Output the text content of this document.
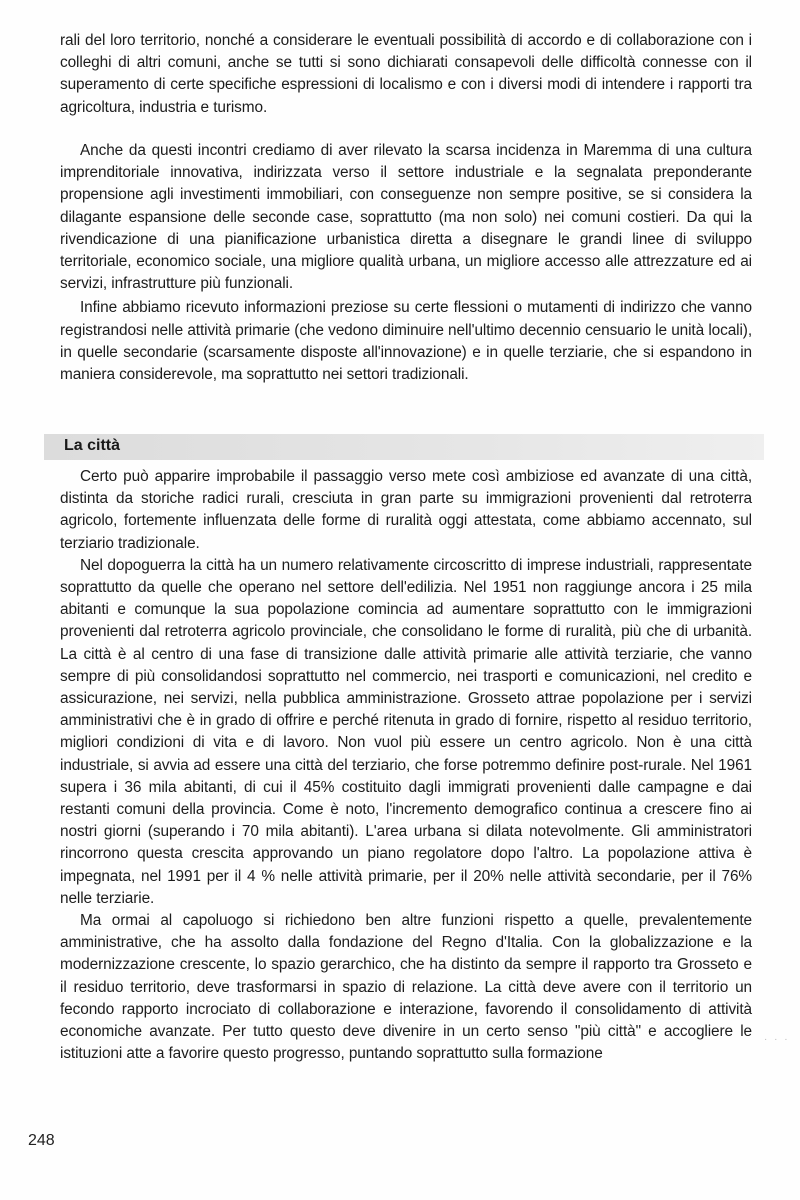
rali del loro territorio, nonché a considerare le eventuali possibilità di accordo e di collaborazione con i colleghi di altri comuni, anche se tutti si sono dichiarati consapevoli delle difficoltà connesse con il superamento di certe specifiche espressioni di localismo e con i diversi modi di intendere i rapporti tra agricoltura, industria e turismo.

Anche da questi incontri crediamo di aver rilevato la scarsa incidenza in Maremma di una cultura imprenditoriale innovativa, indirizzata verso il settore industriale e la segnalata preponderante propensione agli investimenti immobiliari, con conseguenze non sempre positive, se si considera la dilagante espansione delle seconde case, soprattutto (ma non solo) nei comuni costieri. Da qui la rivendicazione di una pianificazione urbanistica diretta a disegnare le grandi linee di sviluppo territoriale, economico sociale, una migliore qualità urbana, un migliore accesso alle attrezzature ed ai servizi, infrastrutture più funzionali.

Infine abbiamo ricevuto informazioni preziose su certe flessioni o mutamenti di indirizzo che vanno registrandosi nelle attività primarie (che vedono diminuire nell'ultimo decennio censuario le unità locali), in quelle secondarie (scarsamente disposte all'innovazione) e in quelle terziarie, che si espandono in maniera considerevole, ma soprattutto nei settori tradizionali.

La città

Certo può apparire improbabile il passaggio verso mete così ambiziose ed avanzate di una città, distinta da storiche radici rurali, cresciuta in gran parte su immigrazioni provenienti dal retroterra agricolo, fortemente influenzata delle forme di ruralità oggi attestata, come abbiamo accennato, sul terziario tradizionale.

Nel dopoguerra la città ha un numero relativamente circoscritto di imprese industriali, rappresentate soprattutto da quelle che operano nel settore dell'edilizia. Nel 1951 non raggiunge ancora i 25 mila abitanti e comunque la sua popolazione comincia ad aumentare soprattutto con le immigrazioni provenienti dal retroterra agricolo provinciale, che consolidano le forme di ruralità, più che di urbanità. La città è al centro di una fase di transizione dalle attività primarie alle attività terziarie, che vanno sempre di più consolidandosi soprattutto nel commercio, nei trasporti e comunicazioni, nel credito e assicurazione, nei servizi, nella pubblica amministrazione. Grosseto attrae popolazione per i servizi amministrativi che è in grado di offrire e perché ritenuta in grado di fornire, rispetto al residuo territorio, migliori condizioni di vita e di lavoro. Non vuol più essere un centro agricolo. Non è una città industriale, si avvia ad essere una città del terziario, che forse potremmo definire post-rurale. Nel 1961 supera i 36 mila abitanti, di cui il 45% costituito dagli immigrati provenienti dalle campagne e dai restanti comuni della provincia. Come è noto, l'incremento demografico continua a crescere fino ai nostri giorni (superando i 70 mila abitanti). L'area urbana si dilata notevolmente. Gli amministratori rincorrono questa crescita approvando un piano regolatore dopo l'altro. La popolazione attiva è impegnata, nel 1991 per il 4 % nelle attività primarie, per il 20% nelle attività secondarie, per il 76% nelle terziarie.

Ma ormai al capoluogo si richiedono ben altre funzioni rispetto a quelle, prevalentemente amministrative, che ha assolto dalla fondazione del Regno d'Italia. Con la globalizzazione e la modernizzazione crescente, lo spazio gerarchico, che ha distinto da sempre il rapporto tra Grosseto e il residuo territorio, deve trasformarsi in spazio di relazione. La città deve avere con il territorio un fecondo rapporto incrociato di collaborazione e interazione, favorendo il consolidamento di attività economiche avanzate. Per tutto questo deve divenire in un certo senso "più città" e accogliere le istituzioni atte a favorire questo progresso, puntando soprattutto sulla formazione

· · ·
248
